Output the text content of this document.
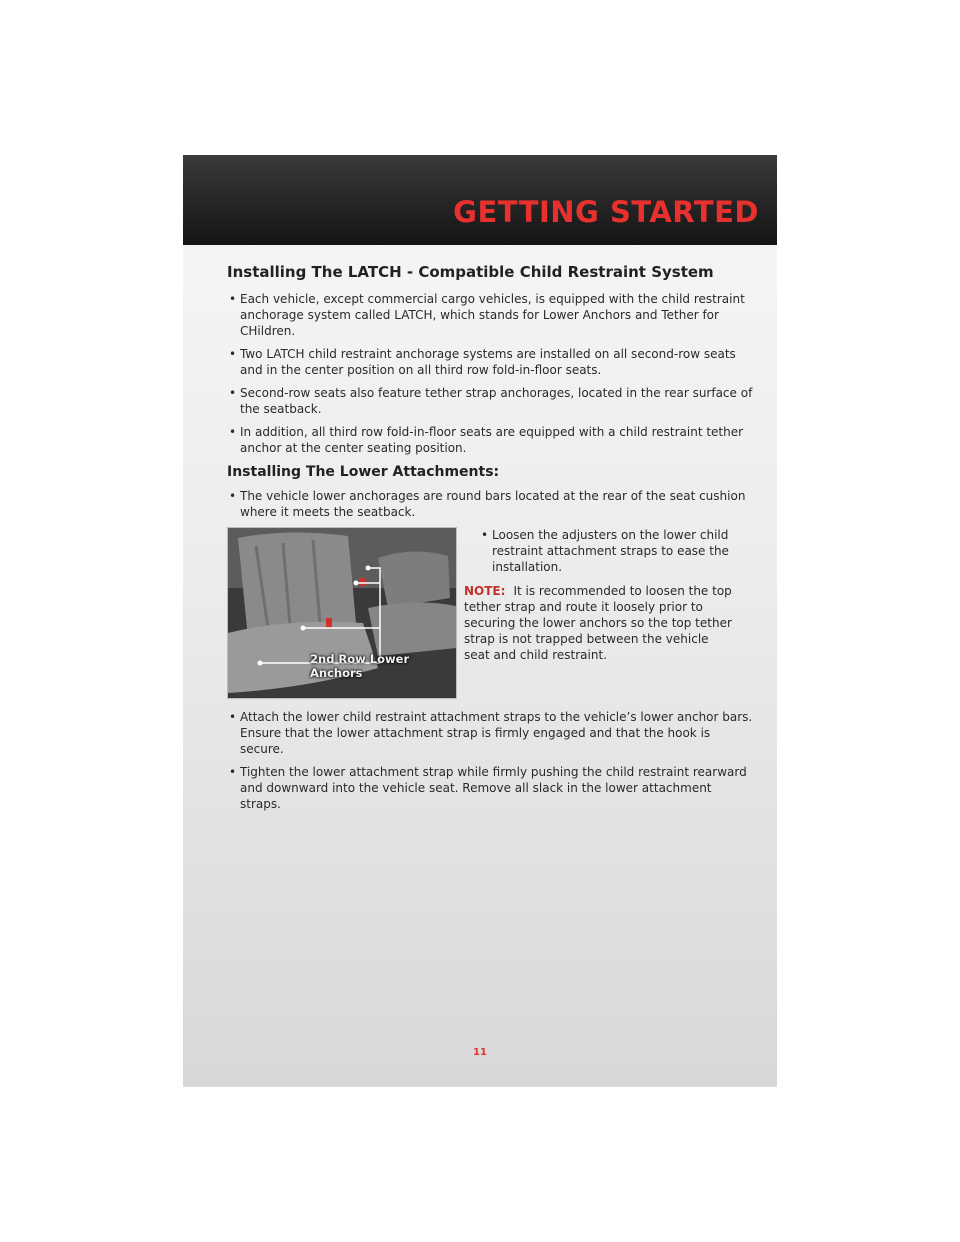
GETTING STARTED
Installing The LATCH - Compatible Child Restraint System
• Each vehicle, except commercial cargo vehicles, is equipped with the child restraint anchorage system called LATCH, which stands for Lower Anchors and Tether for CHildren.
• Two LATCH child restraint anchorage systems are installed on all second-row seats and in the center position on all third row fold-in-floor seats.
• Second-row seats also feature tether strap anchorages, located in the rear surface of the seatback.
• In addition, all third row fold-in-floor seats are equipped with a child restraint tether anchor at the center seating position.
Installing The Lower Attachments:
• The vehicle lower anchorages are round bars located at the rear of the seat cushion where it meets the seatback.
2nd Row Lower Anchors
• Loosen the adjusters on the lower child restraint attachment straps to ease the installation.
NOTE: It is recommended to loosen the top tether strap and route it loosely prior to securing the lower anchors so the top tether strap is not trapped between the vehicle seat and child restraint.
• Attach the lower child restraint attachment straps to the vehicle’s lower anchor bars. Ensure that the lower attachment strap is firmly engaged and that the hook is secure.
• Tighten the lower attachment strap while firmly pushing the child restraint rearward and downward into the vehicle seat. Remove all slack in the lower attachment straps.
11
